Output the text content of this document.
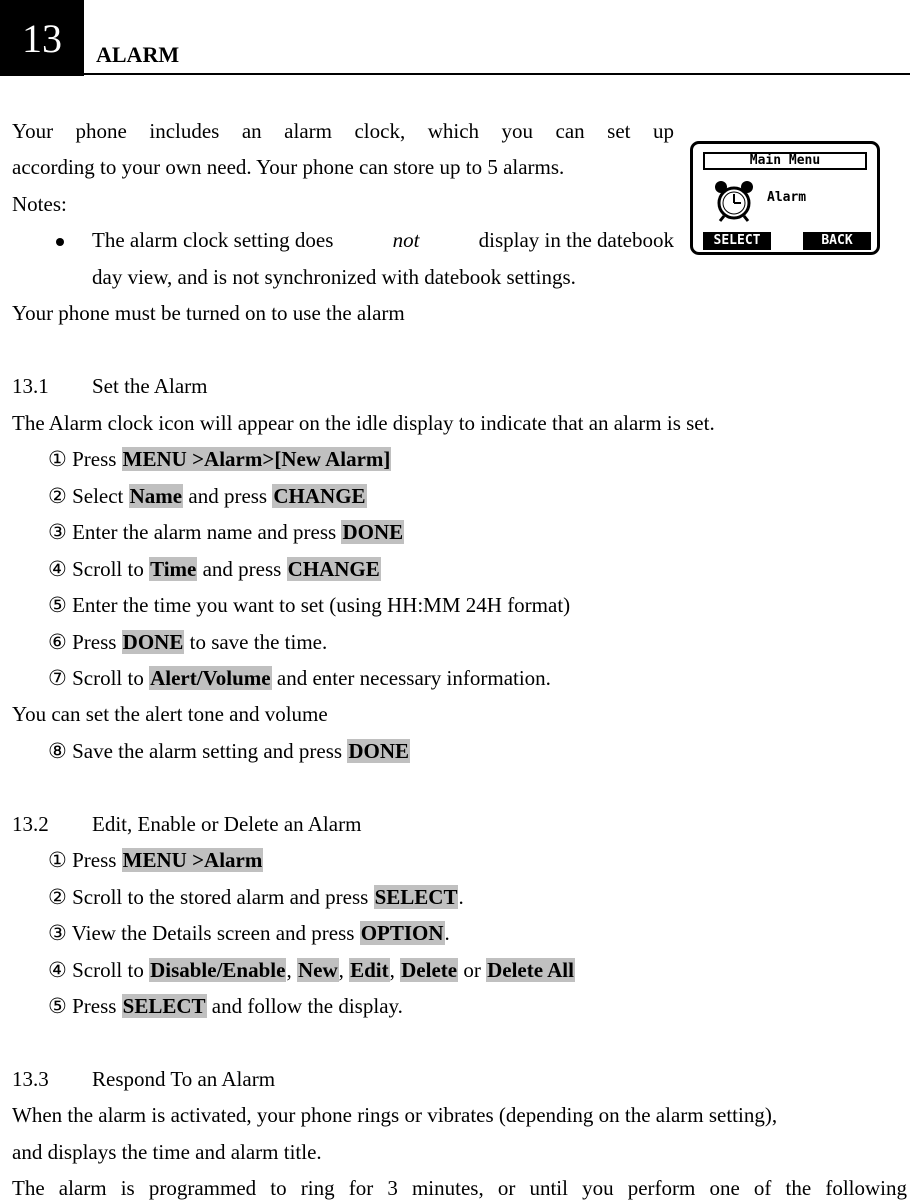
13 ALARM
Your phone includes an alarm clock, which you can set up
according to your own need. Your phone can store up to 5 alarms.
Notes:
The alarm clock setting does	not	display in the datebook
day view, and is not synchronized with datebook settings.
Your phone must be turned on to use the alarm
Main Menu
Alarm
SELECT	BACK
13.1 Set the Alarm
The Alarm clock icon will appear on the idle display to indicate that an alarm is set.
① Press MENU >Alarm>[New Alarm]
② Select Name and press CHANGE
③ Enter the alarm name and press DONE
④ Scroll to Time and press CHANGE
⑤ Enter the time you want to set (using HH:MM 24H format)
⑥ Press DONE to save the time.
⑦ Scroll to Alert/Volume and enter necessary information.
You can set the alert tone and volume
⑧ Save the alarm setting and press DONE
13.2 Edit, Enable or Delete an Alarm
① Press MENU >Alarm
② Scroll to the stored alarm and press SELECT.
③ View the Details screen and press OPTION.
④ Scroll to Disable/Enable, New, Edit, Delete or Delete All
⑤ Press SELECT and follow the display.
13.3 Respond To an Alarm
When the alarm is activated, your phone rings or vibrates (depending on the alarm setting),
and displays the time and alarm title.
The alarm is programmed to ring for 3 minutes, or until you perform one of the following
